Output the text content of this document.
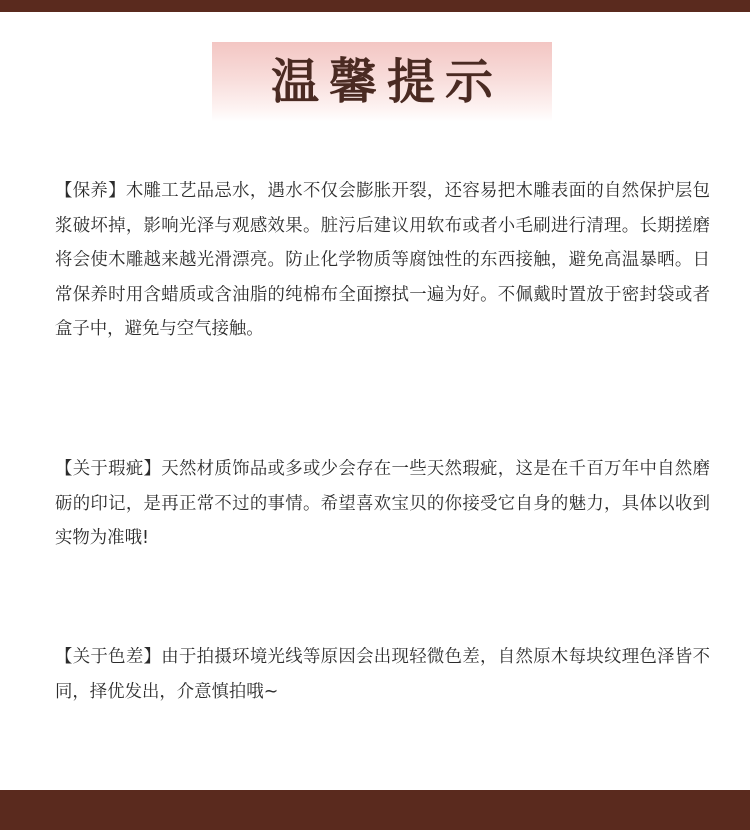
温馨提示
【保养】木雕工艺品忌水，遇水不仅会膨胀开裂，还容易把木雕表面的自然保护层包浆破坏掉，影响光泽与观感效果。脏污后建议用软布或者小毛刷进行清理。长期搓磨将会使木雕越来越光滑漂亮。防止化学物质等腐蚀性的东西接触，避免高温暴晒。日常保养时用含蜡质或含油脂的纯棉布全面擦拭一遍为好。不佩戴时置放于密封袋或者盒子中，避免与空气接触。
【关于瑕疵】天然材质饰品或多或少会存在一些天然瑕疵，这是在千百万年中自然磨砺的印记，是再正常不过的事情。希望喜欢宝贝的你接受它自身的魅力，具体以收到实物为准哦!
【关于色差】由于拍摄环境光线等原因会出现轻微色差，自然原木每块纹理色泽皆不同，择优发出，介意慎拍哦~
